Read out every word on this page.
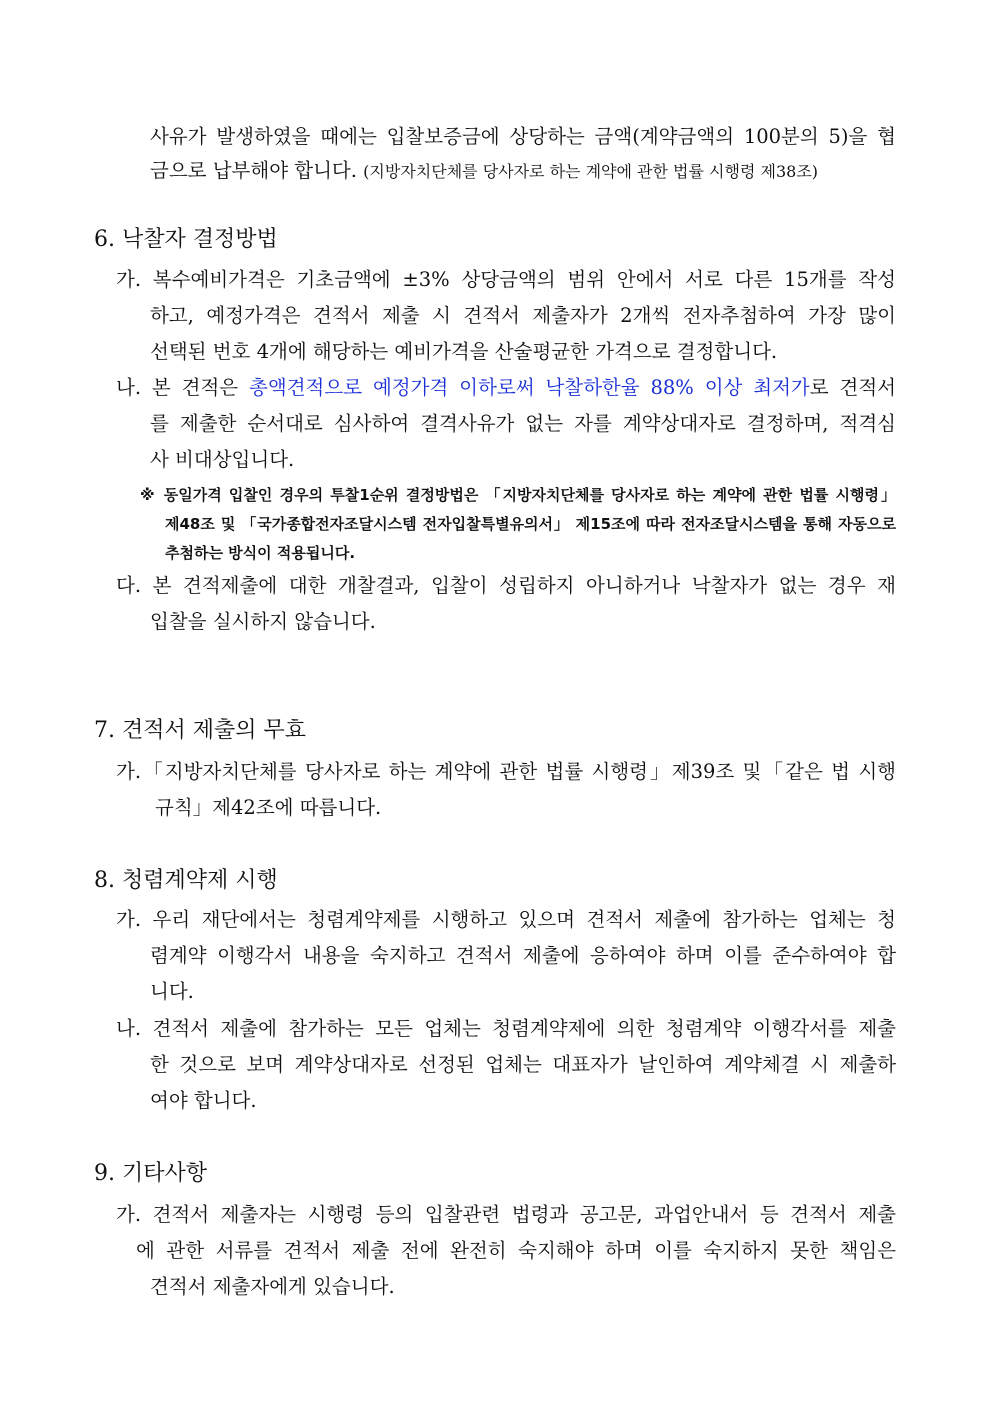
사유가 발생하였을 때에는 입찰보증금에 상당하는 금액(계약금액의 100분의 5)을 협
금으로 납부해야 합니다. (지방자치단체를 당사자로 하는 계약에 관한 법률 시행령 제38조)
6. 낙찰자 결정방법
가. 복수예비가격은 기초금액에 ±3% 상당금액의 범위 안에서 서로 다른 15개를 작성
하고, 예정가격은 견적서 제출 시 견적서 제출자가 2개씩 전자추첨하여 가장 많이
선택된 번호 4개에 해당하는 예비가격을 산술평균한 가격으로 결정합니다.
나. 본 견적은 총액견적으로 예정가격 이하로써 낙찰하한율 88% 이상 최저가로 견적서
를 제출한 순서대로 심사하여 결격사유가 없는 자를 계약상대자로 결정하며, 적격심
사 비대상입니다.
※ 동일가격 입찰인 경우의 투찰1순위 결정방법은 「지방자치단체를 당사자로 하는 계약에 관한 법률 시행령」
제48조 및 「국가종합전자조달시스템 전자입찰특별유의서」 제15조에 따라 전자조달시스템을 통해 자동으로
추첨하는 방식이 적용됩니다.
다. 본 견적제출에 대한 개찰결과, 입찰이 성립하지 아니하거나 낙찰자가 없는 경우 재
입찰을 실시하지 않습니다.
7. 견적서 제출의 무효
가.「지방자치단체를 당사자로 하는 계약에 관한 법률 시행령」제39조 및「같은 법 시행
규칙」제42조에 따릅니다.
8. 청렴계약제 시행
가. 우리 재단에서는 청렴계약제를 시행하고 있으며 견적서 제출에 참가하는 업체는 청
렴계약 이행각서 내용을 숙지하고 견적서 제출에 응하여야 하며 이를 준수하여야 합
니다.
나. 견적서 제출에 참가하는 모든 업체는 청렴계약제에 의한 청렴계약 이행각서를 제출
한 것으로 보며 계약상대자로 선정된 업체는 대표자가 날인하여 계약체결 시 제출하
여야 합니다.
9. 기타사항
가. 견적서 제출자는 시행령 등의 입찰관련 법령과 공고문, 과업안내서 등 견적서 제출
에 관한 서류를 견적서 제출 전에 완전히 숙지해야 하며 이를 숙지하지 못한 책임은
견적서 제출자에게 있습니다.
